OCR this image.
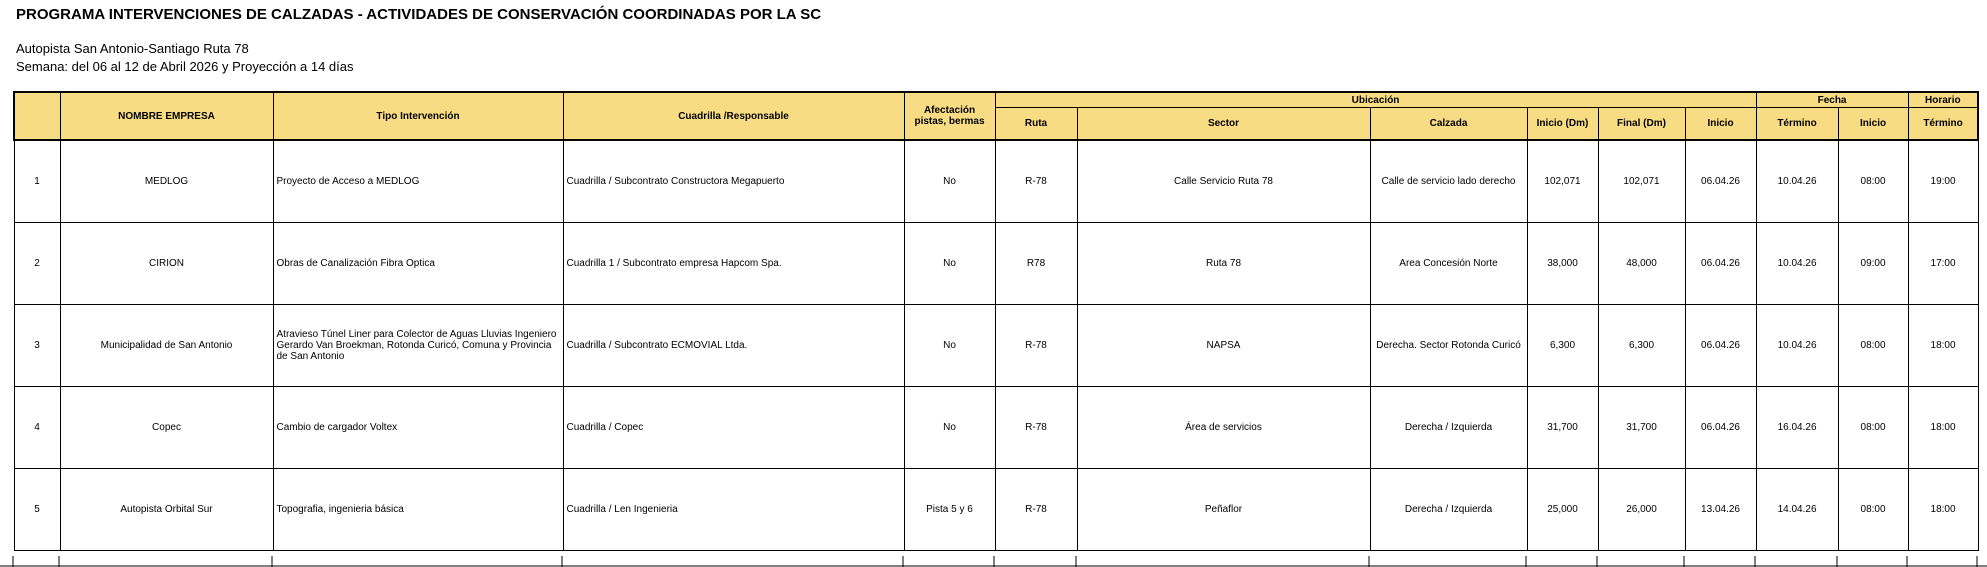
PROGRAMA INTERVENCIONES DE CALZADAS - ACTIVIDADES DE CONSERVACIÓN COORDINADAS POR LA SC
Autopista San Antonio-Santiago Ruta 78
Semana: del 06 al 12 de Abril 2026 y Proyección a 14 días
	NOMBRE EMPRESA	Tipo Intervención	Cuadrilla /Responsable	Afectación pistas, bermas	Ubicación						Fecha		Horario
					Ruta	Sector	Calzada	Inicio (Dm)	Final (Dm)	Inicio	Término	Inicio	Término
1	MEDLOG	Proyecto de Acceso a MEDLOG	Cuadrilla / Subcontrato Constructora Megapuerto	No	R-78	Calle Servicio Ruta 78	Calle de servicio lado derecho	102,071	102,071	06.04.26	10.04.26	08:00	19:00
2	CIRION	Obras de Canalización Fibra Optica	Cuadrilla 1 / Subcontrato empresa Hapcom Spa.	No	R78	Ruta 78	Area Concesión Norte	38,000	48,000	06.04.26	10.04.26	09:00	17:00
3	Municipalidad de San Antonio	Atravieso Túnel Liner para Colector de Aguas Lluvias Ingeniero Gerardo Van Broekman, Rotonda Curicó, Comuna y Provincia de San Antonio	Cuadrilla / Subcontrato ECMOVIAL Ltda.	No	R-78	NAPSA	Derecha. Sector Rotonda Curicó	6,300	6,300	06.04.26	10.04.26	08:00	18:00
4	Copec	Cambio de cargador Voltex	Cuadrilla / Copec	No	R-78	Área de servicios	Derecha / Izquierda	31,700	31,700	06.04.26	16.04.26	08:00	18:00
5	Autopista Orbital Sur	Topografia, ingenieria básica	Cuadrilla / Len Ingenieria	Pista 5 y 6	R-78	Peñaflor	Derecha / Izquierda	25,000	26,000	13.04.26	14.04.26	08:00	18:00
